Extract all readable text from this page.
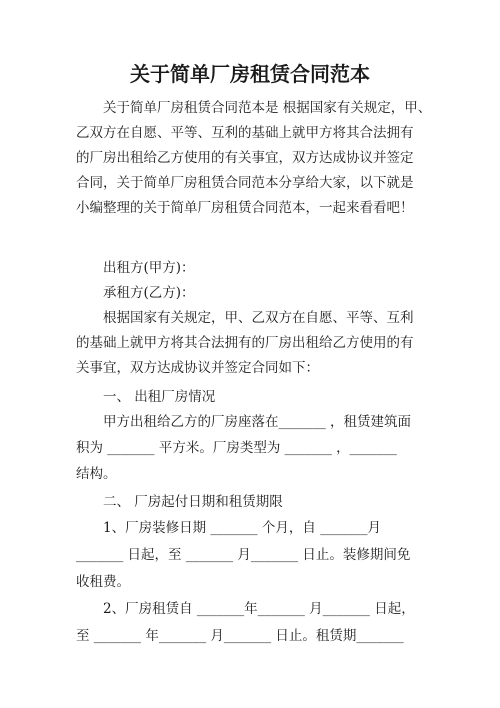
关于简单厂房租赁合同范本
关于简单厂房租赁合同范本是 根据国家有关规定，甲、
乙双方在自愿、平等、互利的基础上就甲方将其合法拥有
的厂房出租给乙方使用的有关事宜，双方达成协议并签定
合同，关于简单厂房租赁合同范本分享给大家，以下就是
小编整理的关于简单厂房租赁合同范本，一起来看看吧！
出租方(甲方)：
承租方(乙方)：
根据国家有关规定，甲、乙双方在自愿、平等、互利
的基础上就甲方将其合法拥有的厂房出租给乙方使用的有
关事宜，双方达成协议并签定合同如下：
一、 出租厂房情况
甲方出租给乙方的厂房座落在_______ ，租赁建筑面
积为 _______ 平方米。厂房类型为 _______ ，_______
结构。
二、 厂房起付日期和租赁期限
1、厂房装修日期 _______ 个月，自 _______月
_______ 日起，至 _______ 月_______ 日止。装修期间免
收租费。
2、厂房租赁自 _______年_______ 月_______ 日起，
至 _______ 年_______ 月_______ 日止。租赁期_______
